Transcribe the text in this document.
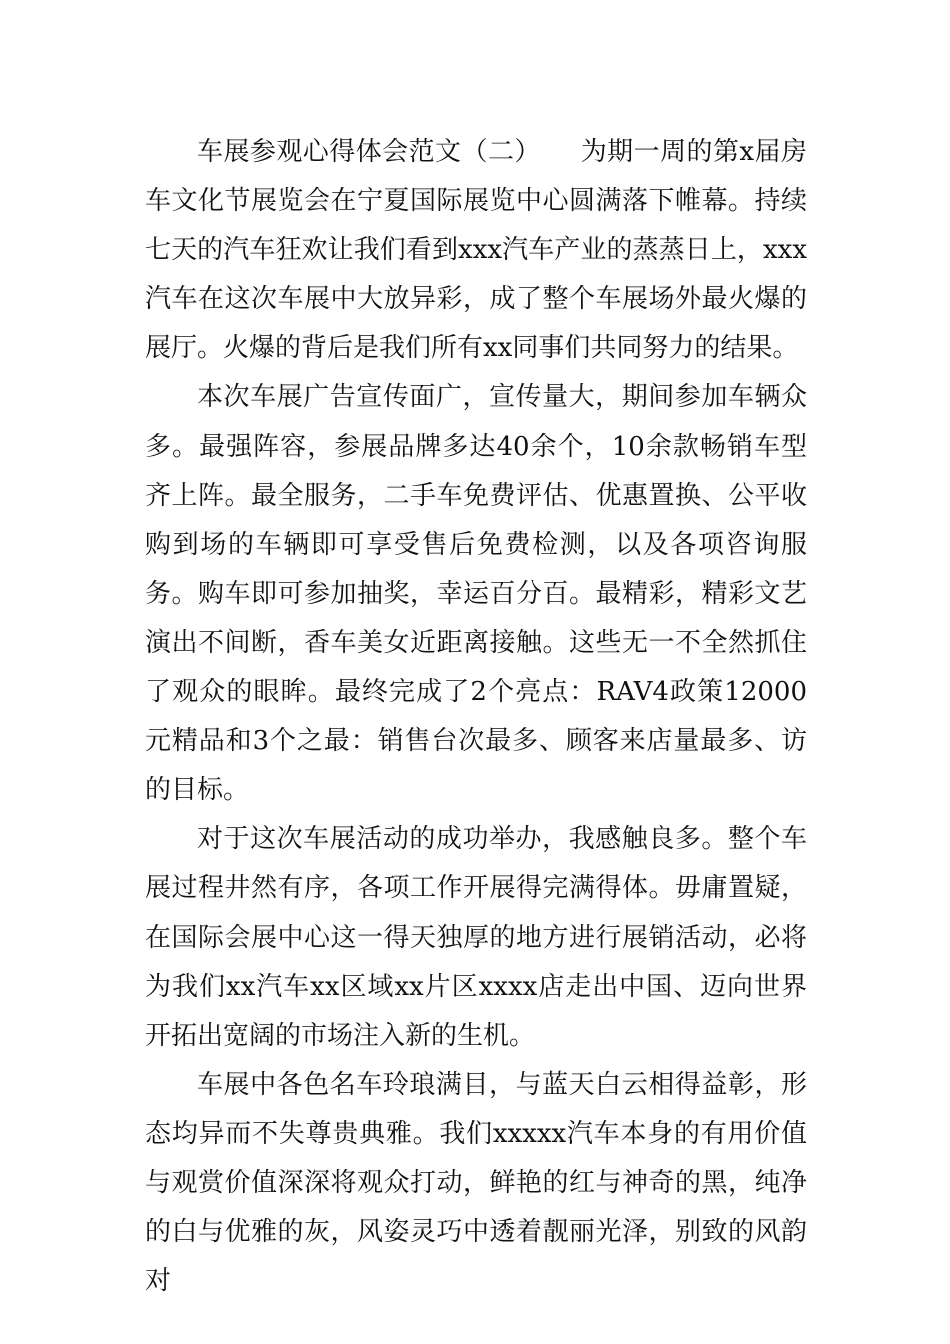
车展参观心得体会范文（二）　　为期一周的第x届房车文化节展览会在宁夏国际展览中心圆满落下帷幕。持续七天的汽车狂欢让我们看到xxx汽车产业的蒸蒸日上，xxx汽车在这次车展中大放异彩，成了整个车展场外最火爆的展厅。火爆的背后是我们所有xx同事们共同努力的结果。

本次车展广告宣传面广，宣传量大，期间参加车辆众多。最强阵容，参展品牌多达40余个，10余款畅销车型齐上阵。最全服务，二手车免费评估、优惠置换、公平收购到场的车辆即可享受售后免费检测，以及各项咨询服务。购车即可参加抽奖，幸运百分百。最精彩，精彩文艺演出不间断，香车美女近距离接触。这些无一不全然抓住了观众的眼眸。最终完成了2个亮点：RAV4政策12000元精品和3个之最：销售台次最多、顾客来店量最多、访的目标。

对于这次车展活动的成功举办，我感触良多。整个车展过程井然有序，各项工作开展得完满得体。毋庸置疑，在国际会展中心这一得天独厚的地方进行展销活动，必将为我们xx汽车xx区域xx片区xxxx店走出中国、迈向世界开拓出宽阔的市场注入新的生机。

车展中各色名车玲琅满目，与蓝天白云相得益彰，形态均异而不失尊贵典雅。我们xxxxx汽车本身的有用价值与观赏价值深深将观众打动，鲜艳的红与神奇的黑，纯净的白与优雅的灰，风姿灵巧中透着靓丽光泽，别致的风韵对
